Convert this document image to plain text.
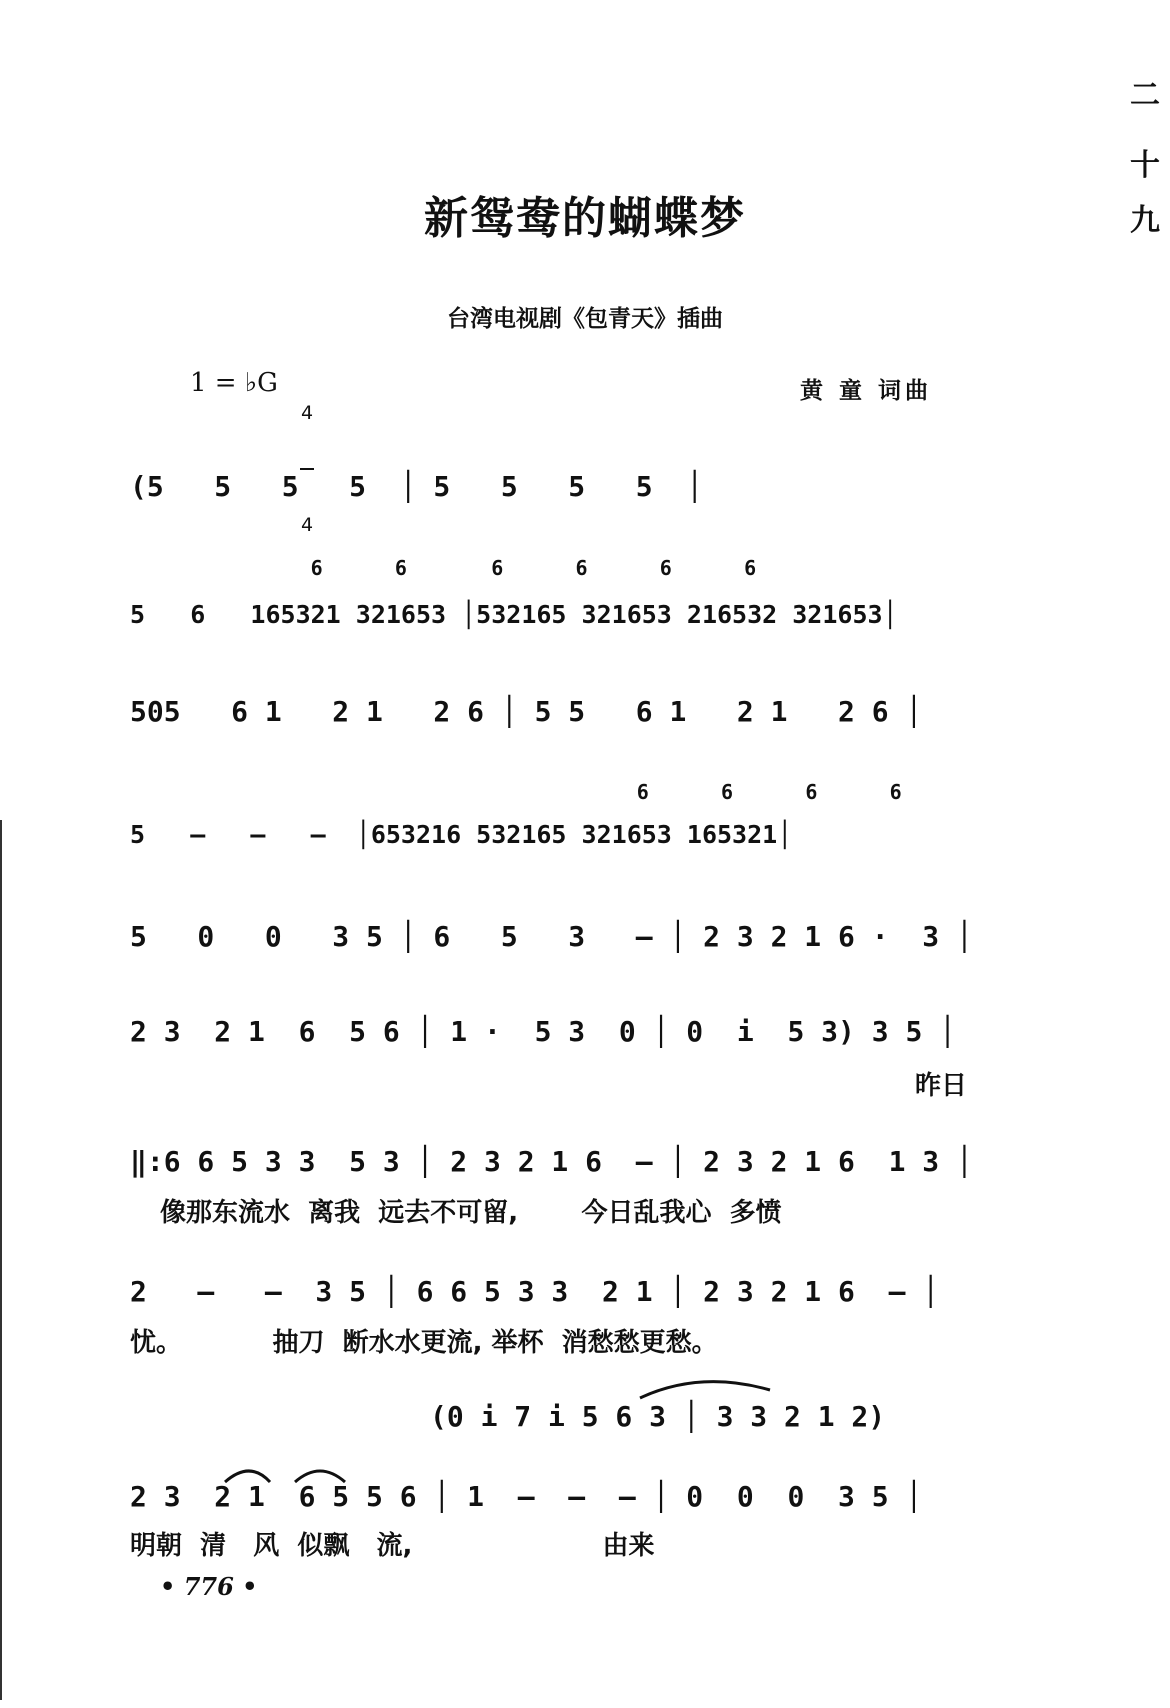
二
十
九
新鸳鸯的蝴蝶梦
台湾电视剧《包青天》插曲
1 = ♭G

4

4

黄 童 词曲
(5   5   5   5  │ 5   5   5   5  │
6      6       6      6      6      6
5   6   165321 321653 │532165 321653 216532 321653│
505   6 1   2 1   2 6 │ 5 5   6 1   2 1   2 6 │
6      6      6      6
5   —   —   —  │653216 532165 321653 165321│
5   0   0   3 5 │ 6   5   3   — │ 2 3 2 1 6 ·  3 │
2 3  2 1  6  5 6 │ 1 ·  5 3  0 │ 0  i  5 3) 3 5 │
昨日
‖:6 6 5 3 3  5 3 │ 2 3 2 1 6  — │ 2 3 2 1 6  1 3 │
像那东流水  离我  远去不可留,       今日乱我心  多愤
2   —   —  3 5 │ 6 6 5 3 3  2 1 │ 2 3 2 1 6  — │
忧。          抽刀  断水水更流, 举杯  消愁愁更愁。
(0 i 7 i 5 6 3 │ 3 3 2 1 2)
2 3  2 1  6 5 5 6 │ 1  —  —  — │ 0  0  0  3 5 │
明朝  清   风  似飘   流,                     由来
• 776 •
